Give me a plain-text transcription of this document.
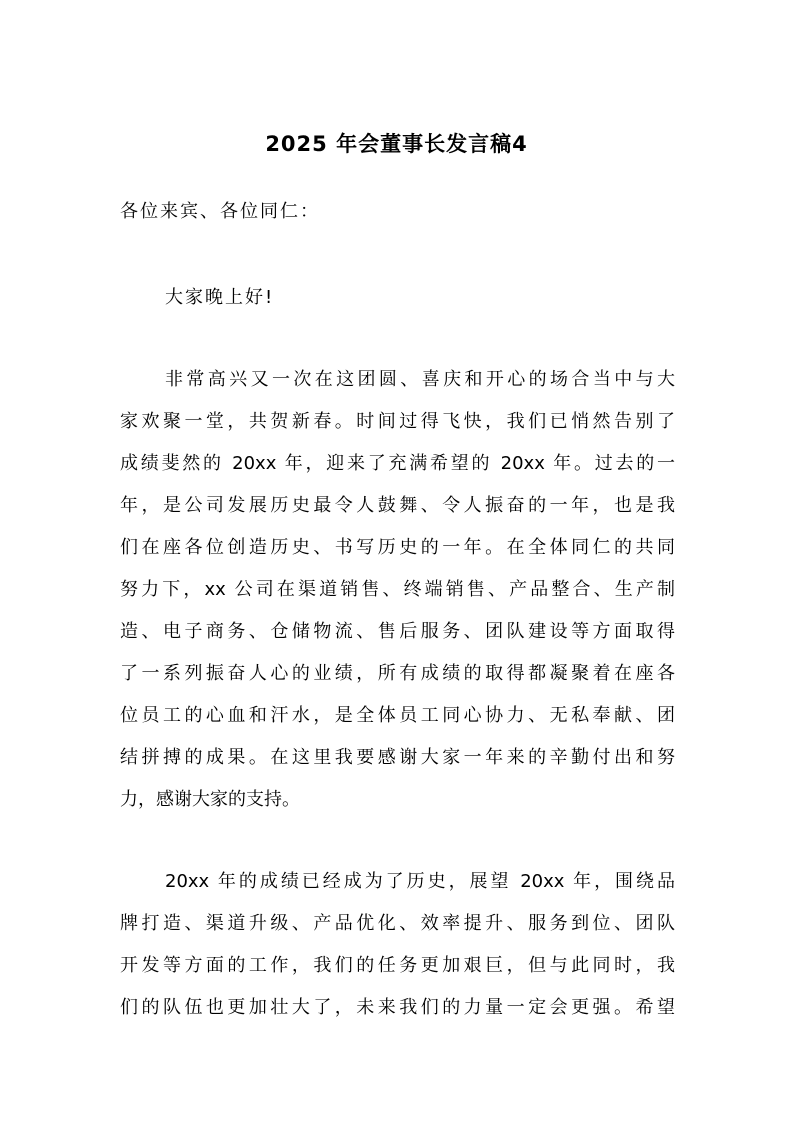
2025 年会董事长发言稿4
各位来宾、各位同仁：
大家晚上好!
非常高兴又一次在这团圆、喜庆和开心的场合当中与大
家欢聚一堂，共贺新春。时间过得飞快，我们已悄然告别了
成绩斐然的 20xx 年，迎来了充满希望的 20xx 年。过去的一
年，是公司发展历史最令人鼓舞、令人振奋的一年，也是我
们在座各位创造历史、书写历史的一年。在全体同仁的共同
努力下，xx 公司在渠道销售、终端销售、产品整合、生产制
造、电子商务、仓储物流、售后服务、团队建设等方面取得
了一系列振奋人心的业绩，所有成绩的取得都凝聚着在座各
位员工的心血和汗水，是全体员工同心协力、无私奉献、团
结拼搏的成果。在这里我要感谢大家一年来的辛勤付出和努
力，感谢大家的支持。
20xx 年的成绩已经成为了历史，展望 20xx 年，围绕品
牌打造、渠道升级、产品优化、效率提升、服务到位、团队
开发等方面的工作，我们的任务更加艰巨，但与此同时，我
们的队伍也更加壮大了，未来我们的力量一定会更强。希望
